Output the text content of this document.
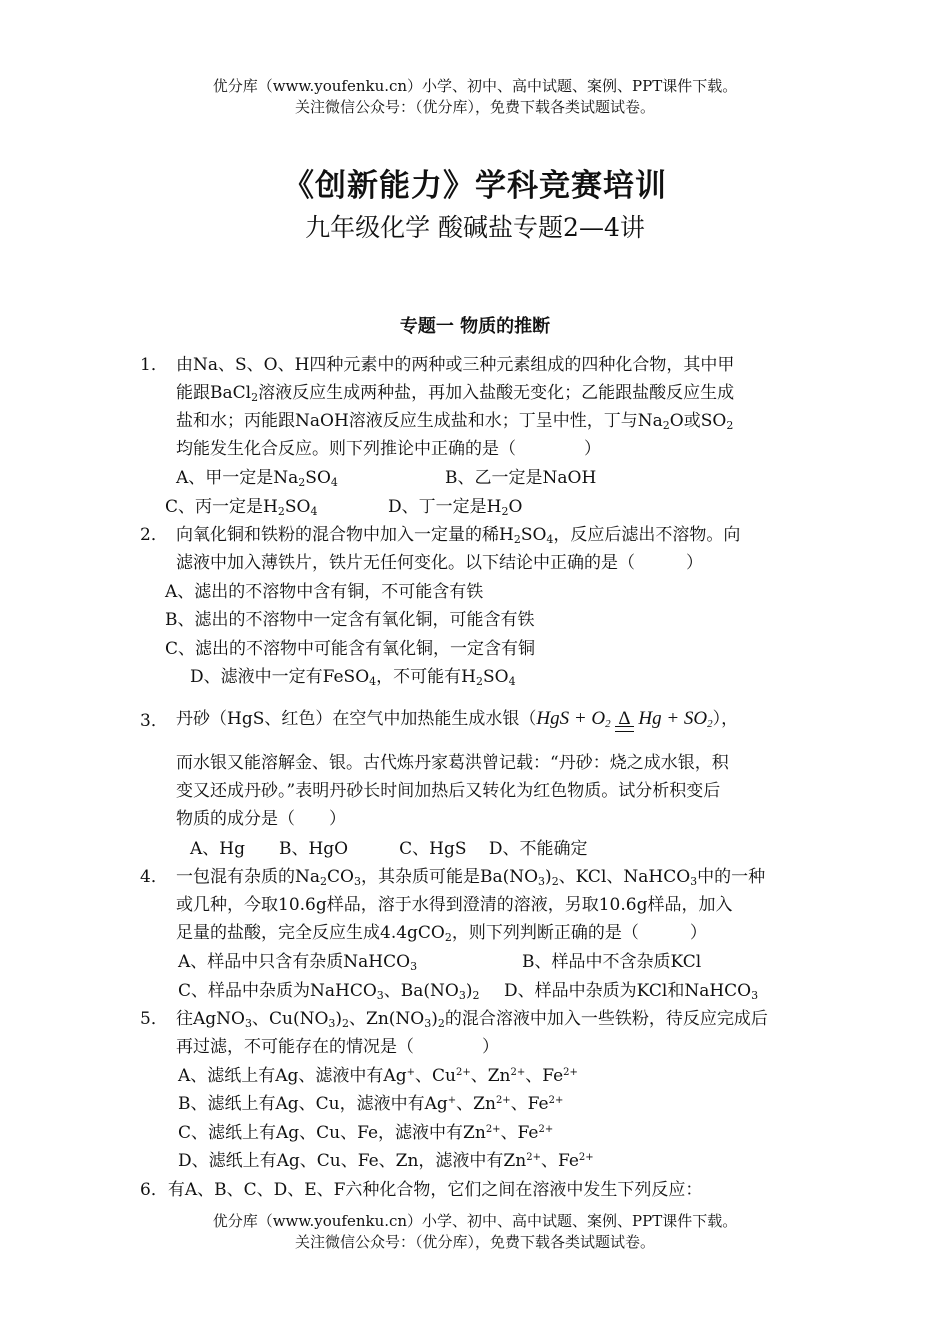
优分库（www.youfenku.cn）小学、初中、高中试题、案例、PPT课件下载。
关注微信公众号：（优分库），免费下载各类试题试卷。
《创新能力》学科竞赛培训
九年级化学 酸碱盐专题2—4讲
专题一 物质的推断
1． 由Na、S、O、H四种元素中的两种或三种元素组成的四种化合物，其中甲
能跟BaCl$_2$溶液反应生成两种盐，再加入盐酸无变化；乙能跟盐酸反应生成
盐和水；丙能跟NaOH溶液反应生成盐和水；丁呈中性，丁与$Na_2O$或$SO_2$
均能发生化合反应。则下列推论中正确的是（　　　　）
A、甲一定是$Na_2SO_4$	B、乙一定是NaOH
C、丙一定是$H_2SO_4$	D、丁一定是$H_2O$
2． 向氧化铜和铁粉的混合物中加入一定量的稀$H_2SO_4$，反应后滤出不溶物。向
滤液中加入薄铁片，铁片无任何变化。以下结论中正确的是（　　　）
A、滤出的不溶物中含有铜，不可能含有铁
B、滤出的不溶物中一定含有氧化铜，可能含有铁
C、滤出的不溶物中可能含有氧化铜，一定含有铜
D、滤液中一定有FeSO$_4$，不可能有$H_2SO_4$
3． 丹砂（HgS、红色）在空气中加热能生成水银（$HgS + O_2$ Δ $Hg + SO_2$），
而水银又能溶解金、银。古代炼丹家葛洪曾记载：“丹砂：烧之成水银，积
变又还成丹砂。”表明丹砂长时间加热后又转化为红色物质。试分析积变后
物质的成分是（　　）
A、Hg　　B、HgO　　　C、HgS　 D、不能确定
4． 一包混有杂质的$Na_2CO_3$，其杂质可能是$Ba(NO_3)_2$、KCl、NaHCO$_3$中的一种
或几种，今取10.6g样品，溶于水得到澄清的溶液，另取10.6g样品，加入
足量的盐酸，完全反应生成4.4gCO$_2$，则下列判断正确的是（　　　）
A、样品中只含有杂质NaHCO$_3$	B、样品中不含杂质KCl
C、样品中杂质为NaHCO$_3$、$Ba(NO_3)_2$ D、样品中杂质为KCl和NaHCO$_3$
5． 往AgNO$_3$、$Cu(NO_3)_2$、$Zn(NO_3)_2$的混合溶液中加入一些铁粉，待反应完成后
再过滤，不可能存在的情况是（　　　　）
A、滤纸上有Ag、滤液中有Ag+、$Cu^{2+}$、$Zn^{2+}$、$Fe^{2+}$
B、滤纸上有Ag、Cu，滤液中有Ag+、$Zn^{2+}$、$Fe^{2+}$
C、滤纸上有Ag、Cu、Fe，滤液中有$Zn^{2+}$、$Fe^{2+}$
D、滤纸上有Ag、Cu、Fe、Zn，滤液中有$Zn^{2+}$、$Fe^{2+}$
6．有A、B、C、D、E、F六种化合物，它们之间在溶液中发生下列反应：
优分库（www.youfenku.cn）小学、初中、高中试题、案例、PPT课件下载。
关注微信公众号：（优分库），免费下载各类试题试卷。
